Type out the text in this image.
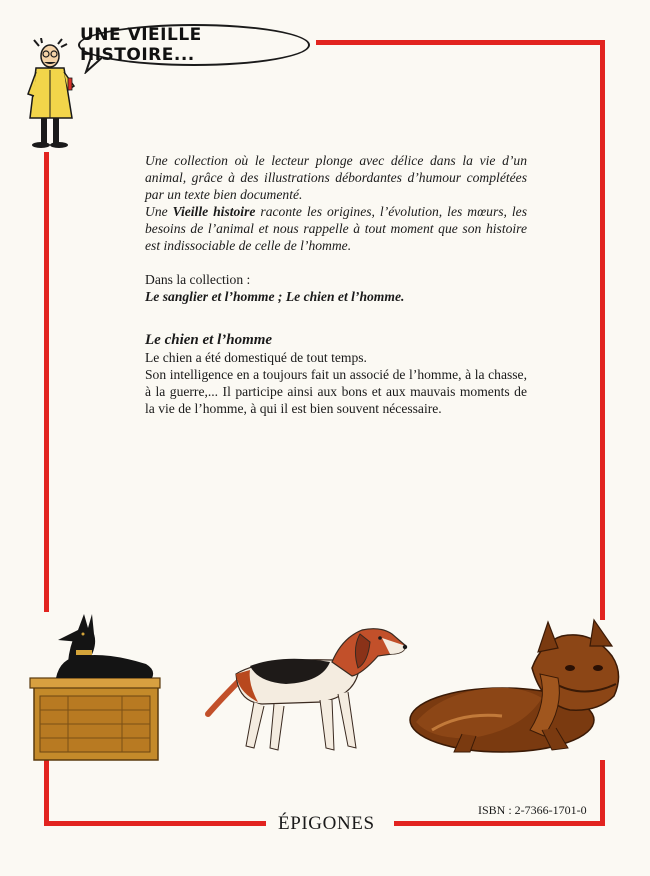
UNE VIEILLE HISTOIRE...

Une collection où le lecteur plonge avec délice dans la vie d’un animal, grâce à des illustrations débordantes d’humour complétées par un texte bien documenté.

Une Vieille histoire raconte les origines, l’évolution, les mœurs, les besoins de l’animal et nous rappelle à tout moment que son histoire est indissociable de celle de l’homme.

Dans la collection :

Le sanglier et l’homme ; Le chien et l’homme.

Le chien et l’homme

Le chien a été domestiqué de tout temps.

Son intelligence en a toujours fait un associé de l’homme, à la chasse, à la guerre,... Il participe ainsi aux bons et aux mauvais moments de la vie de l’homme, à qui il est bien souvent nécessaire.

ISBN : 2-7366-1701-0
ÉPIGONES
